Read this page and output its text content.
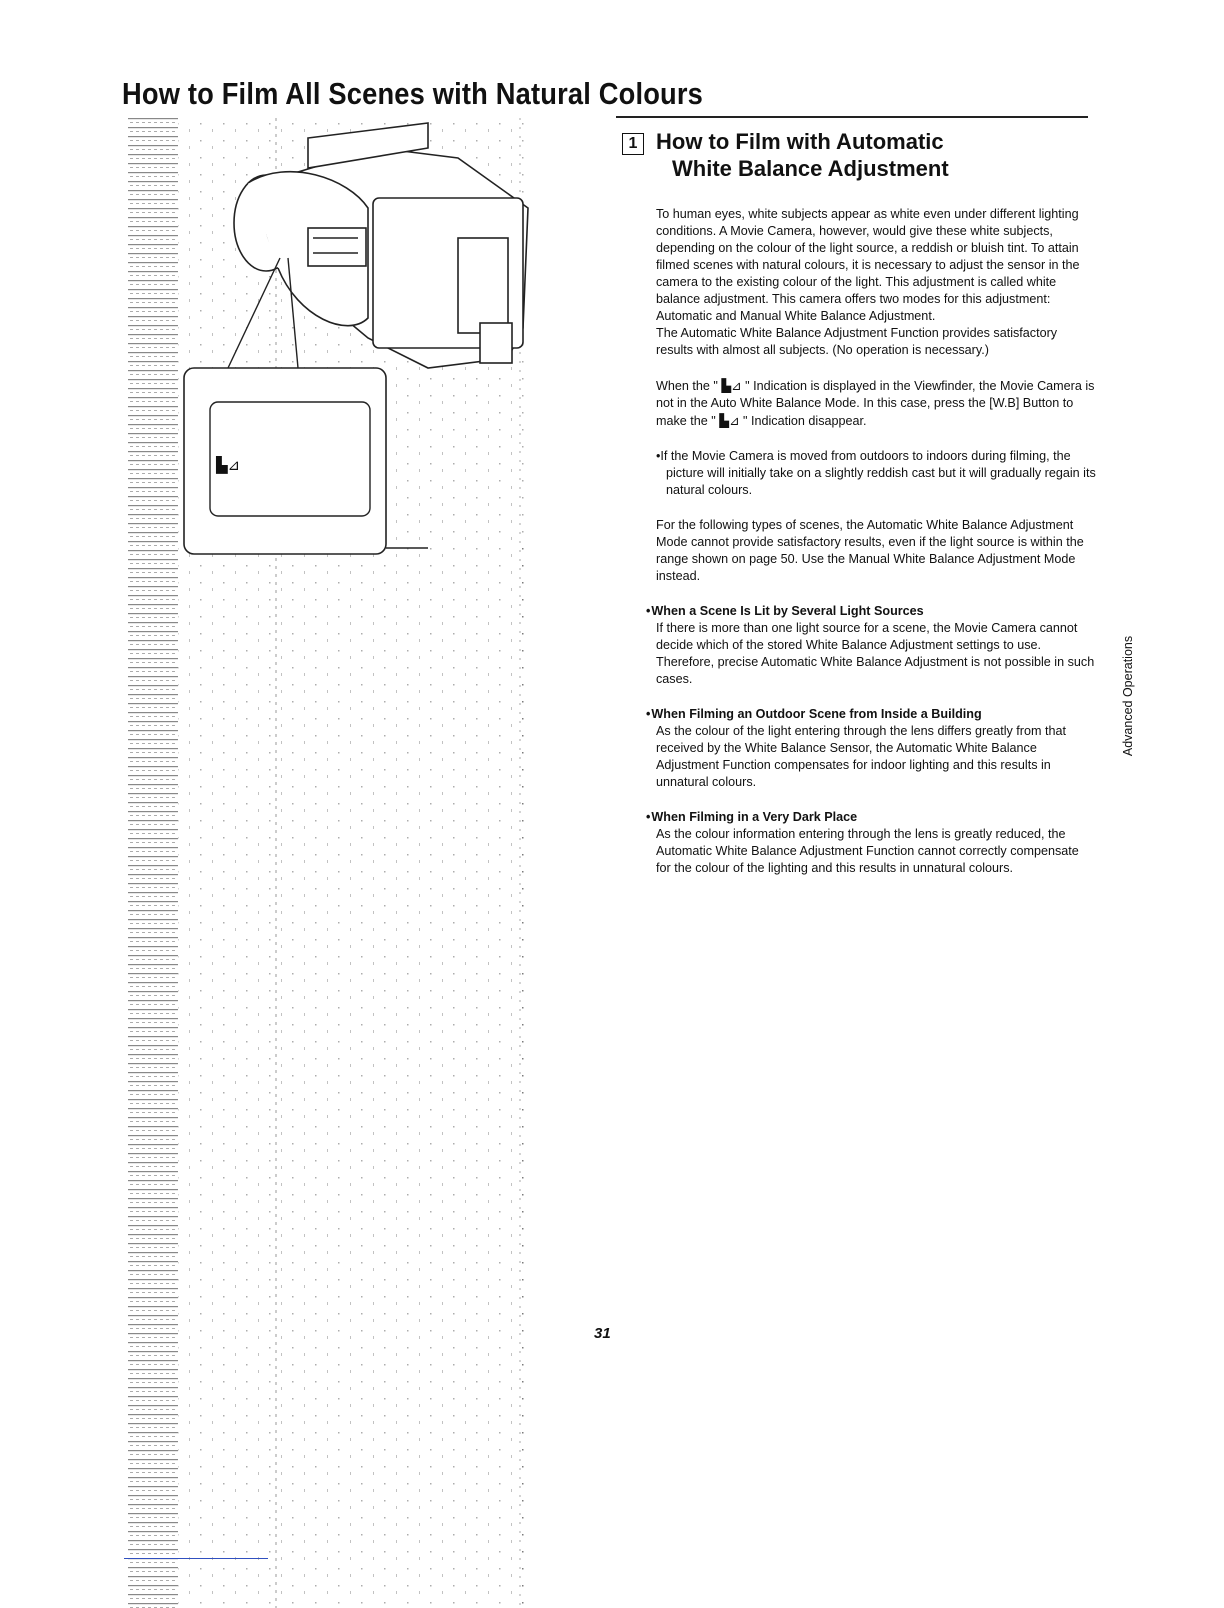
How to Film All Scenes with Natural Colours
▙⊿
1 How to Film with Automatic
White Balance Adjustment

To human eyes, white subjects appear as white even under different lighting conditions. A Movie Camera, however, would give these white subjects, depending on the colour of the light source, a reddish or bluish tint. To attain filmed scenes with natural colours, it is necessary to adjust the sensor in the camera to the existing colour of the light. This adjustment is called white balance adjustment. This camera offers two modes for this adjustment: Automatic and Manual White Balance Adjustment.

The Automatic White Balance Adjustment Function provides satisfactory results with almost all subjects. (No operation is necessary.)

When the " ▙⊿ " Indication is displayed in the Viewfinder, the Movie Camera is not in the Auto White Balance Mode. In this case, press the [W.B] Button to make the " ▙⊿ " Indication disappear.
•If the Movie Camera is moved from outdoors to indoors during filming, the picture will initially take on a slightly reddish cast but it will gradually regain its natural colours.
For the following types of scenes, the Automatic White Balance Adjustment Mode cannot provide satisfactory results, even if the light source is within the range shown on page 50. Use the Manual White Balance Adjustment Mode instead.
• When a Scene Is Lit by Several Light Sources
If there is more than one light source for a scene, the Movie Camera cannot decide which of the stored White Balance Adjustment settings to use. Therefore, precise Automatic White Balance Adjustment is not possible in such cases.
• When Filming an Outdoor Scene from Inside a Building
As the colour of the light entering through the lens differs greatly from that received by the White Balance Sensor, the Automatic White Balance Adjustment Function compensates for indoor lighting and this results in unnatural colours.
• When Filming in a Very Dark Place
As the colour information entering through the lens is greatly reduced, the Automatic White Balance Adjustment Function cannot correctly compensate for the colour of the lighting and this results in unnatural colours.
Advanced Operations
31
